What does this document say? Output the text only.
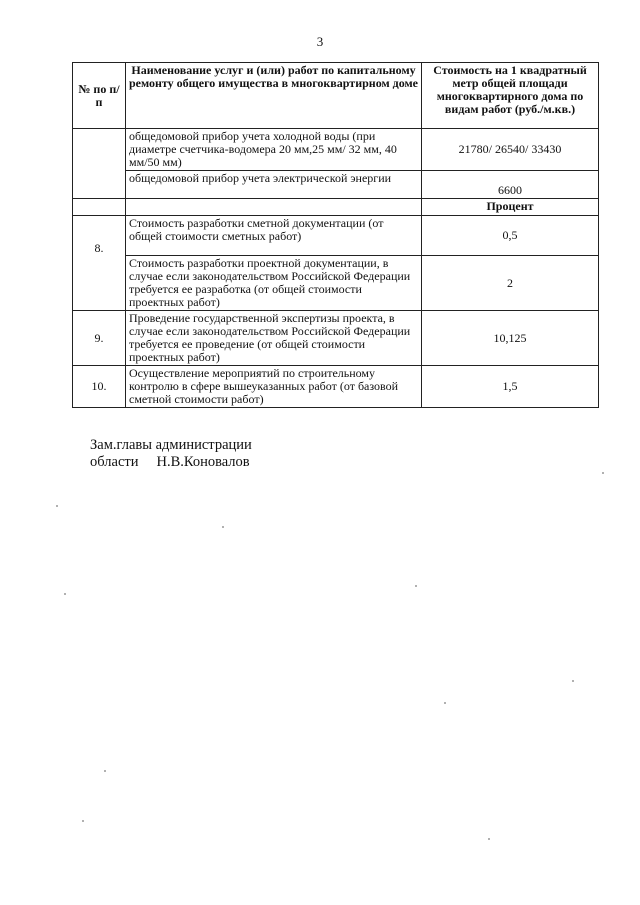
3
№ по п/п	Наименование услуг и (или) работ по капитальному ремонту общего имущества в многоквартирном доме	Стоимость на 1 квадратный метр общей площади многоквартирного дома по видам работ (руб./м.кв.)
	общедомовой прибор учета холодной воды (при диаметре счетчика-водомера 20 мм,25 мм/ 32 мм, 40 мм/50 мм)	21780/ 26540/ 33430
	общедомовой прибор учета электрической энергии	6600
		Процент
8.	Стоимость разработки сметной документации (от общей стоимости сметных работ)	0,5
	Стоимость разработки проектной документации, в случае если законодательством Российской Федерации требуется ее разработка (от общей стоимости проектных работ)	2
9.	Проведение государственной экспертизы проекта, в случае если законодательством Российской Федерации требуется ее проведение (от общей стоимости проектных работ)	10,125
10.	Осуществление мероприятий по строительному контролю в сфере вышеуказанных работ (от базовой сметной стоимости работ)	1,5
Зам.главы администрации
области Н.В.Коновалов
